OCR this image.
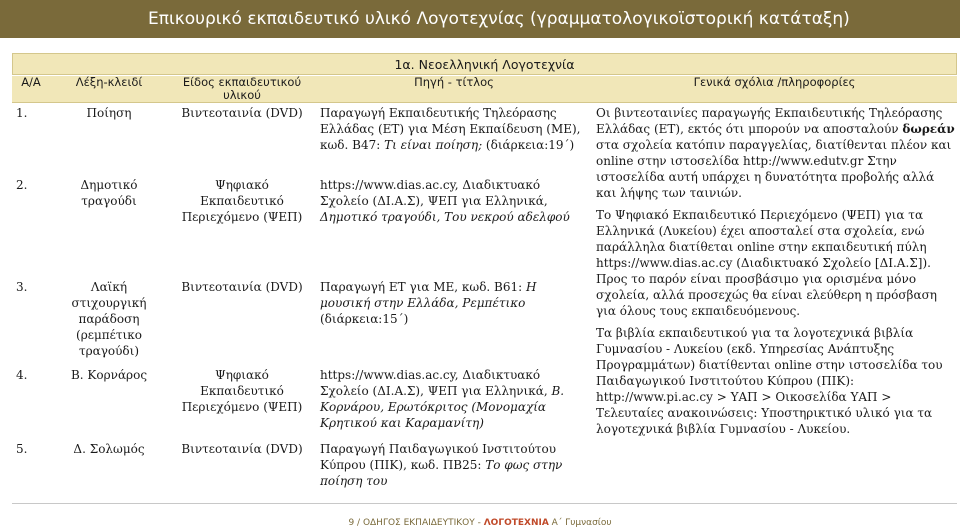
Επικουρικό εκπαιδευτικό υλικό Λογοτεχνίας (γραμματολογικοϊστορική κατάταξη)
1α. Νεοελληνική Λογοτεχνία
Α/Α	Λέξη-κλειδί	Είδος εκπαιδευτικού υλικού	Πηγή - τίτλος	Γενικά σχόλια /πληροφορίες
1.	Ποίηση	Βιντεοταινία (DVD)	Παραγωγή Εκπαιδευτικής Τηλεόρασης Ελλάδας (ΕΤ) για Μέση Εκπαίδευση (ΜΕ), κωδ. Β47: Τι είναι ποίηση; (διάρκεια:19΄)	Οι βιντεοταινίες παραγωγής Εκπαιδευτικής Τηλεόρασης Ελλάδας (ΕΤ), εκτός ότι μπορούν να αποσταλούν δωρεάν στα σχολεία κατόπιν παραγγελίας, διατίθενται πλέον και online στην ιστοσελίδα http://www.edutv.gr Στην ιστοσελίδα αυτή υπάρχει η δυνατότητα προβολής αλλά και λήψης των ταινιών.
Το Ψηφιακό Εκπαιδευτικό Περιεχόμενο (ΨΕΠ) για τα Ελληνικά (Λυκείου) έχει αποσταλεί στα σχολεία, ενώ παράλληλα διατίθεται online στην εκπαιδευτική πύλη https://www.dias.ac.cy (Διαδικτυακό Σχολείο [ΔΙ.Α.Σ]). Προς το παρόν είναι προσβάσιμο για ορισμένα μόνο σχολεία, αλλά προσεχώς θα είναι ελεύθερη η πρόσβαση για όλους τους εκπαιδευόμενους.
Τα βιβλία εκπαιδευτικού για τα λογοτεχνικά βιβλία Γυμνασίου - Λυκείου (εκδ. Υπηρεσίας Ανάπτυξης Προγραμμάτων) διατίθενται online στην ιστοσελίδα του Παιδαγωγικού Ινστιτούτου Κύπρου (ΠΙΚ): http://www.pi.ac.cy > ΥΑΠ > Οικοσελίδα ΥΑΠ > Τελευταίες ανακοινώσεις: Υποστηρικτικό υλικό για τα λογοτεχνικά βιβλία Γυμνασίου - Λυκείου.

2.	Δημοτικό τραγούδι	Ψηφιακό Εκπαιδευτικό Περιεχόμενο (ΨΕΠ)	https://www.dias.ac.cy, Διαδικτυακό Σχολείο (ΔΙ.Α.Σ), ΨΕΠ για Ελληνικά, Δημοτικό τραγούδι, Του νεκρού αδελφού	
3.	Λαϊκή στιχουργική παράδοση (ρεμπέτικο τραγούδι)	Βιντεοταινία (DVD)	Παραγωγή ΕΤ για ΜΕ, κωδ. Β61: Η μουσική στην Ελλάδα, Ρεμπέτικο (διάρκεια:15΄)	
4.	Β. Κορνάρος	Ψηφιακό Εκπαιδευτικό Περιεχόμενο (ΨΕΠ)	https://www.dias.ac.cy, Διαδικτυακό Σχολείο (ΔΙ.Α.Σ), ΨΕΠ για Ελληνικά, Β. Κορνάρου, Ερωτόκριτος (Μονομαχία Κρητικού και Καραμανίτη)	
5.	Δ. Σολωμός	Βιντεοταινία (DVD)	Παραγωγή Παιδαγωγικού Ινστιτούτου Κύπρου (ΠΙΚ), κωδ. ΠΒ25: Το φως στην ποίηση του	
9 / ΟΔΗΓΟΣ ΕΚΠΑΙΔΕΥΤΙΚΟΥ - ΛΟΓΟΤΕΧΝΙΑ Α΄ Γυμνασίου
